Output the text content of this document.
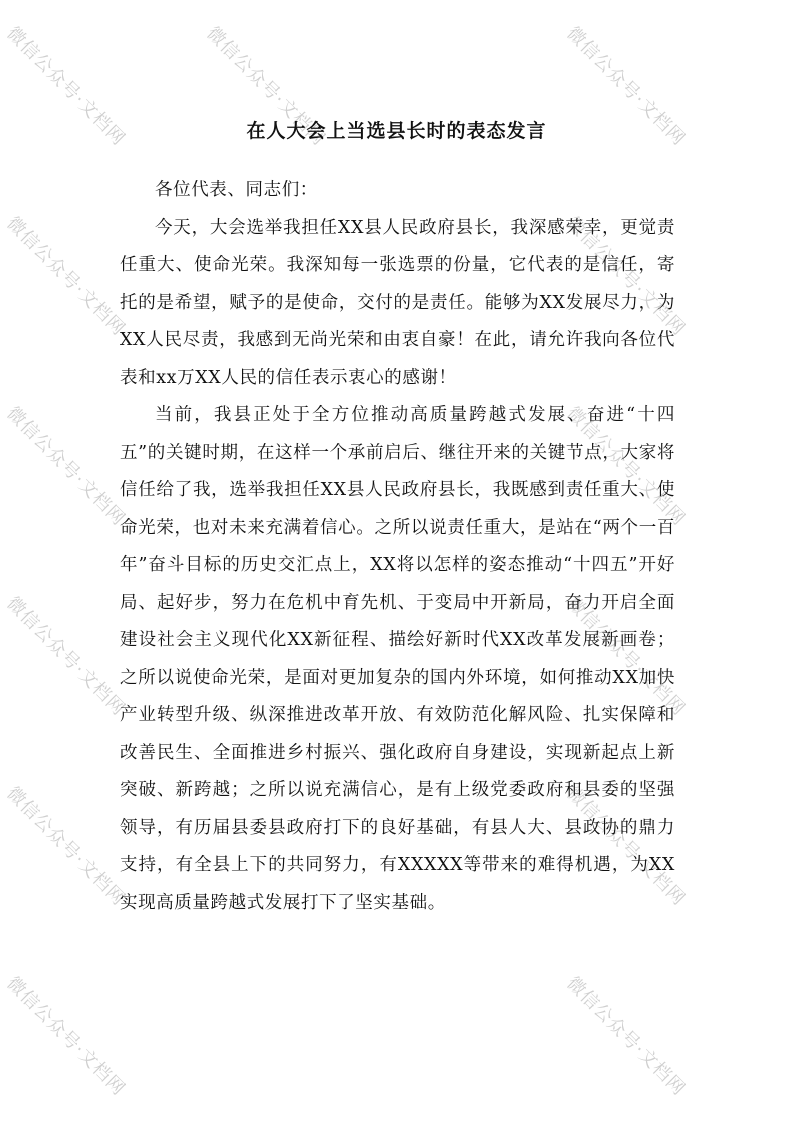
微信公众号·文档网	微信公众号·文档网	微信公众号·文档网
微信公众号·文档网	微信公众号·文档网
微信公众号·文档网	微信公众号·文档网
微信公众号·文档网	微信公众号·文档网
微信公众号·文档网	微信公众号·文档网
微信公众号·文档网	微信公众号·文档网
在人大会上当选县长时的表态发言

各位代表、同志们：

今天，大会选举我担任XX县人民政府县长，我深感荣幸，更觉责任重大、使命光荣。我深知每一张选票的份量，它代表的是信任，寄托的是希望，赋予的是使命，交付的是责任。能够为XX发展尽力，为XX人民尽责，我感到无尚光荣和由衷自豪！在此，请允许我向各位代表和xx万XX人民的信任表示衷心的感谢！

当前，我县正处于全方位推动高质量跨越式发展、奋进“十四五”的关键时期，在这样一个承前启后、继往开来的关键节点，大家将信任给了我，选举我担任XX县人民政府县长，我既感到责任重大、使命光荣，也对未来充满着信心。之所以说责任重大，是站在“两个一百年”奋斗目标的历史交汇点上，XX将以怎样的姿态推动“十四五”开好局、起好步，努力在危机中育先机、于变局中开新局，奋力开启全面建设社会主义现代化XX新征程、描绘好新时代XX改革发展新画卷；之所以说使命光荣，是面对更加复杂的国内外环境，如何推动XX加快产业转型升级、纵深推进改革开放、有效防范化解风险、扎实保障和改善民生、全面推进乡村振兴、强化政府自身建设，实现新起点上新突破、新跨越；之所以说充满信心，是有上级党委政府和县委的坚强领导，有历届县委县政府打下的良好基础，有县人大、县政协的鼎力支持，有全县上下的共同努力，有XXXXX等带来的难得机遇，为XX实现高质量跨越式发展打下了坚实基础。
